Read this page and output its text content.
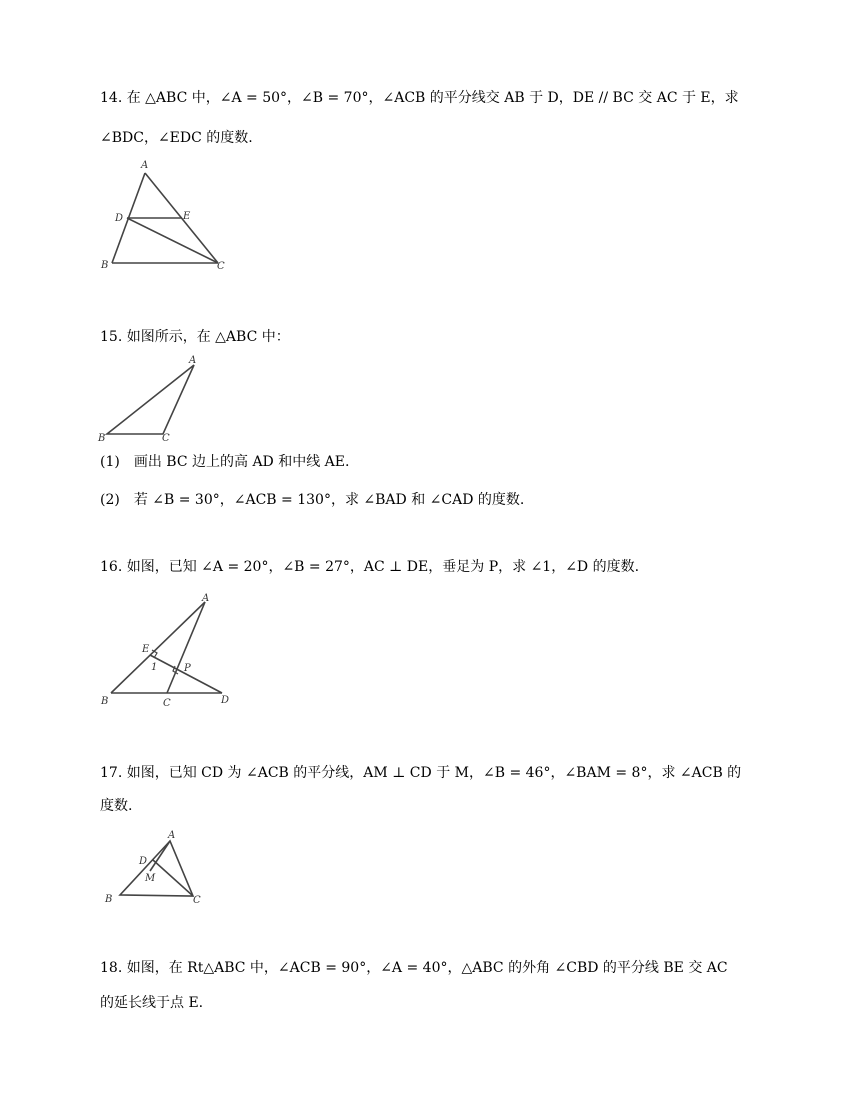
14. 在 △ABC 中，∠A = 50°，∠B = 70°，∠ACB 的平分线交 AB 于 D，DE // BC 交 AC 于 E，求
∠BDC，∠EDC 的度数.
A
D	E
B	C
15. 如图所示，在 △ABC 中：
A
B	C
(1)　画出 BC 边上的高 AD 和中线 AE.
(2)　若 ∠B = 30°，∠ACB = 130°，求 ∠BAD 和 ∠CAD 的度数.
16. 如图，已知 ∠A = 20°，∠B = 27°，AC ⊥ DE，垂足为 P，求 ∠1，∠D 的度数.
E
1	P
A
B	C	D
17. 如图，已知 CD 为 ∠ACB 的平分线，AM ⊥ CD 于 M，∠B = 46°，∠BAM = 8°，求 ∠ACB 的
度数.
A
D
M
B	C
18. 如图，在 Rt△ABC 中，∠ACB = 90°，∠A = 40°，△ABC 的外角 ∠CBD 的平分线 BE 交 AC
的延长线于点 E.
